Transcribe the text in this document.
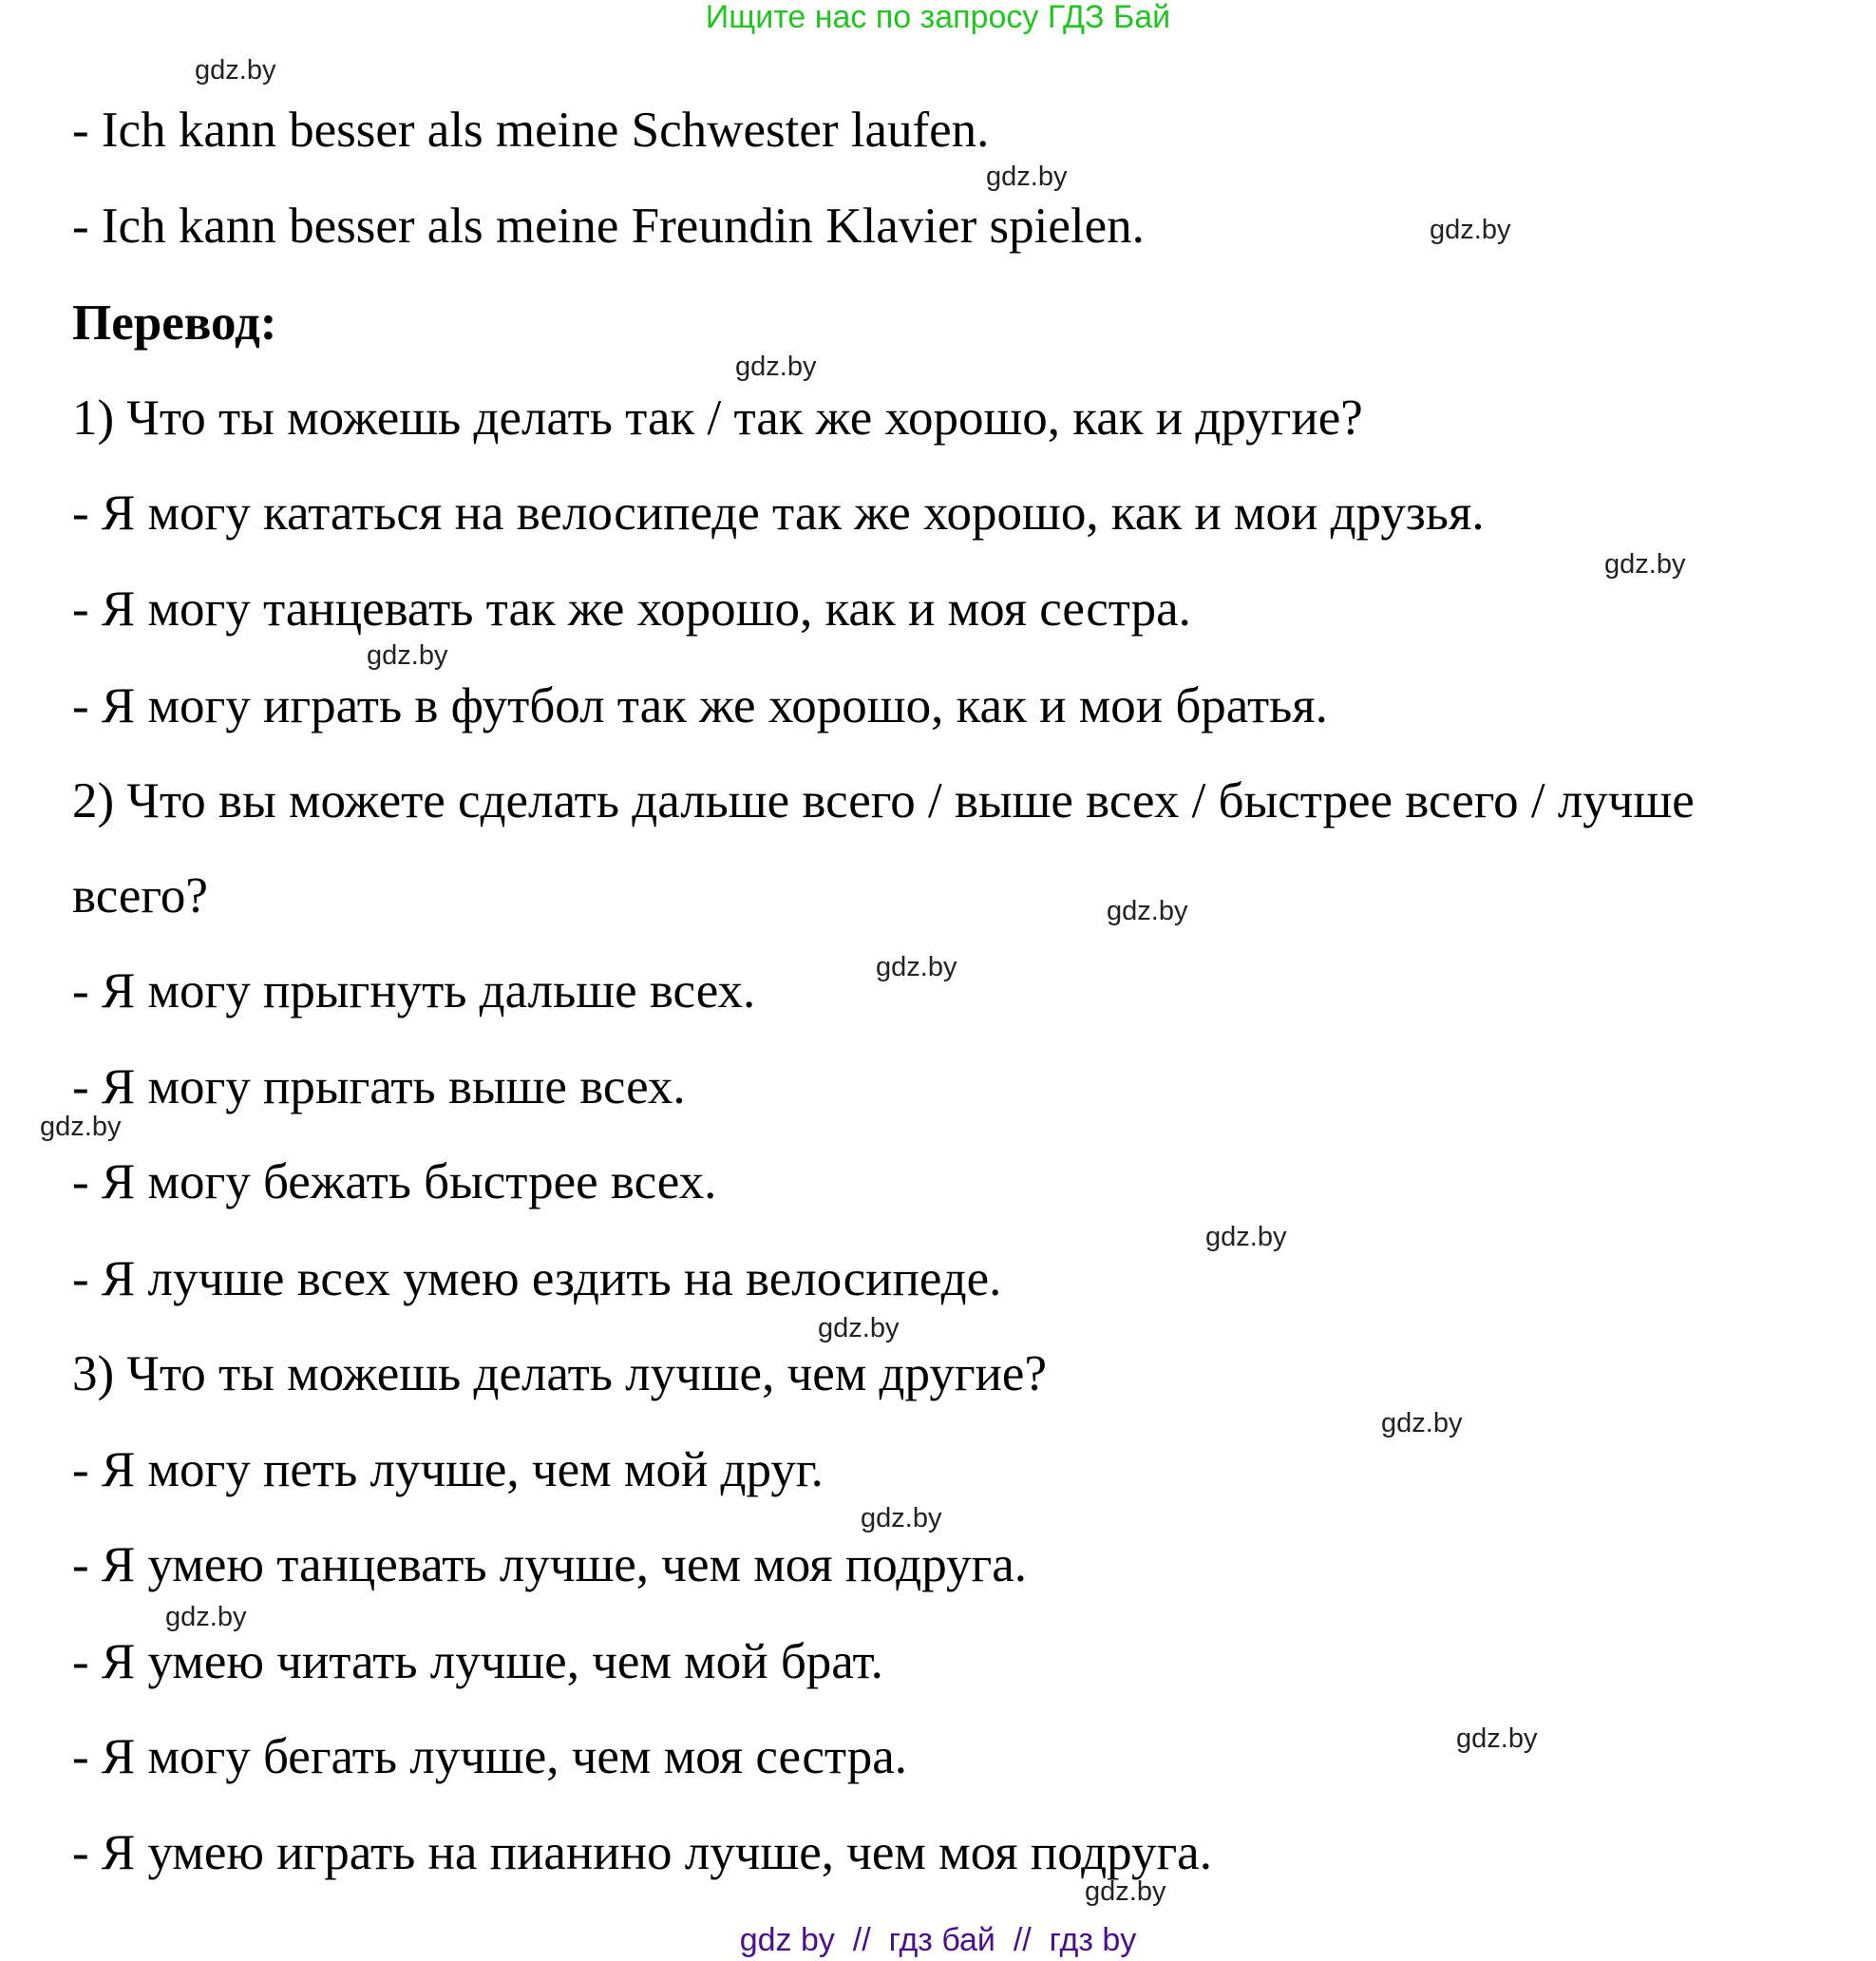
Ищите нас по запросу ГДЗ Бай
- Ich kann besser als meine Schwester laufen.
- Ich kann besser als meine Freundin Klavier spielen.
Перевод:
1) Что ты можешь делать так / так же хорошо, как и другие?
- Я могу кататься на велосипеде так же хорошо, как и мои друзья.
- Я могу танцевать так же хорошо, как и моя сестра.
- Я могу играть в футбол так же хорошо, как и мои братья.
2) Что вы можете сделать дальше всего / выше всех / быстрее всего / лучше
всего?
- Я могу прыгнуть дальше всех.
- Я могу прыгать выше всех.
- Я могу бежать быстрее всех.
- Я лучше всех умею ездить на велосипеде.
3) Что ты можешь делать лучше, чем другие?
- Я могу петь лучше, чем мой друг.
- Я умею танцевать лучше, чем моя подруга.
- Я умею читать лучше, чем мой брат.
- Я могу бегать лучше, чем моя сестра.
- Я умею играть на пианино лучше, чем моя подруга.
gdz.by
gdz.by
gdz.by
gdz.by
gdz.by
gdz.by
gdz.by
gdz.by
gdz.by
gdz.by
gdz.by
gdz.by
gdz.by
gdz.by
gdz.by
gdz.by
gdz by  //  гдз бай  //  гдз by
